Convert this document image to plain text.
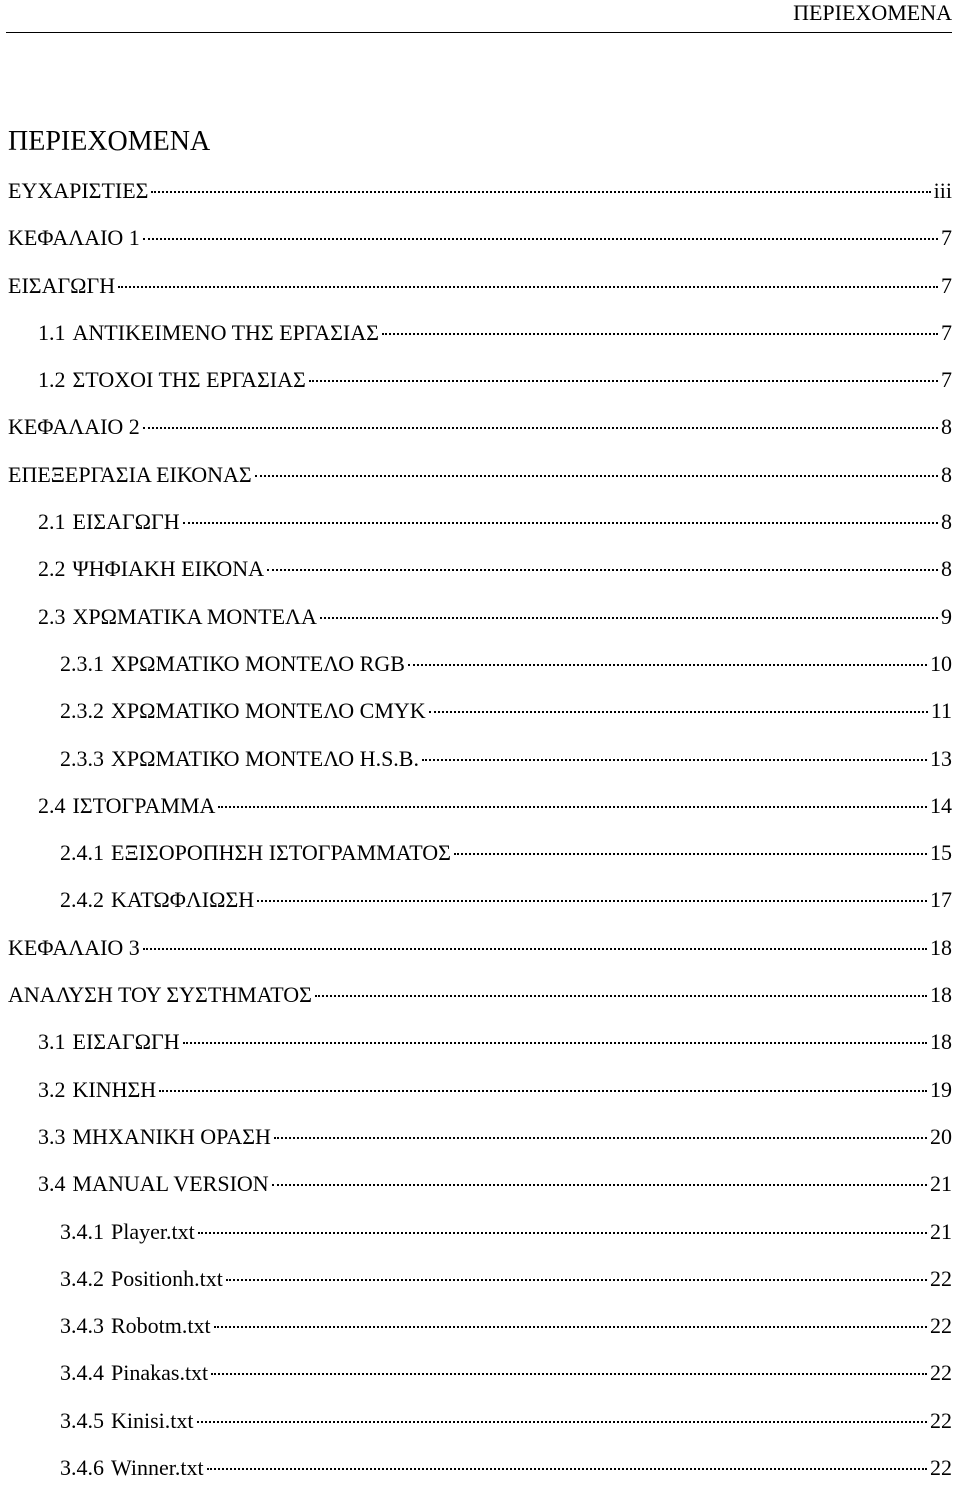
ΠΕΡΙΕΧΟΜΕΝΑ
ΠΕΡΙΕΧΟΜΕΝΑ
ΕΥΧΑΡΙΣΤΙΕΣ	iii
ΚΕΦΑΛΑΙΟ 1	7
ΕΙΣΑΓΩΓΗ	7
1.1 ΑΝΤΙΚΕΙΜΕΝΟ ΤΗΣ ΕΡΓΑΣΙΑΣ	7
1.2 ΣΤΟΧΟΙ ΤΗΣ ΕΡΓΑΣΙΑΣ	7
ΚΕΦΑΛΑΙΟ 2	8
ΕΠΕΞΕΡΓΑΣΙΑ ΕΙΚΟΝΑΣ	8
2.1 ΕΙΣΑΓΩΓΗ	8
2.2 ΨΗΦΙΑΚΗ ΕΙΚΟΝΑ	8
2.3 ΧΡΩΜΑΤΙΚΑ ΜΟΝΤΕΛΑ	9
2.3.1 ΧΡΩΜΑΤΙΚΟ ΜΟΝΤΕΛΟ RGB	10
2.3.2 ΧΡΩΜΑΤΙΚΟ ΜΟΝΤΕΛΟ CMYK	11
2.3.3 ΧΡΩΜΑΤΙΚΟ ΜΟΝΤΕΛΟ H.S.B.	13
2.4 ΙΣΤΟΓΡΑΜΜΑ	14
2.4.1 ΕΞΙΣΟΡΟΠΗΣΗ ΙΣΤΟΓΡΑΜΜΑΤΟΣ	15
2.4.2 ΚΑΤΩΦΛΙΩΣΗ	17
ΚΕΦΑΛΑΙΟ 3	18
ΑΝΑΛΥΣΗ ΤΟΥ ΣΥΣΤΗΜΑΤΟΣ	18
3.1 ΕΙΣΑΓΩΓΗ	18
3.2 ΚΙΝΗΣΗ	19
3.3 ΜΗΧΑΝΙΚΗ ΟΡΑΣΗ	20
3.4 MANUAL VERSION	21
3.4.1 Player.txt	21
3.4.2 Positionh.txt	22
3.4.3 Robotm.txt	22
3.4.4 Pinakas.txt	22
3.4.5 Kinisi.txt	22
3.4.6 Winner.txt	22
